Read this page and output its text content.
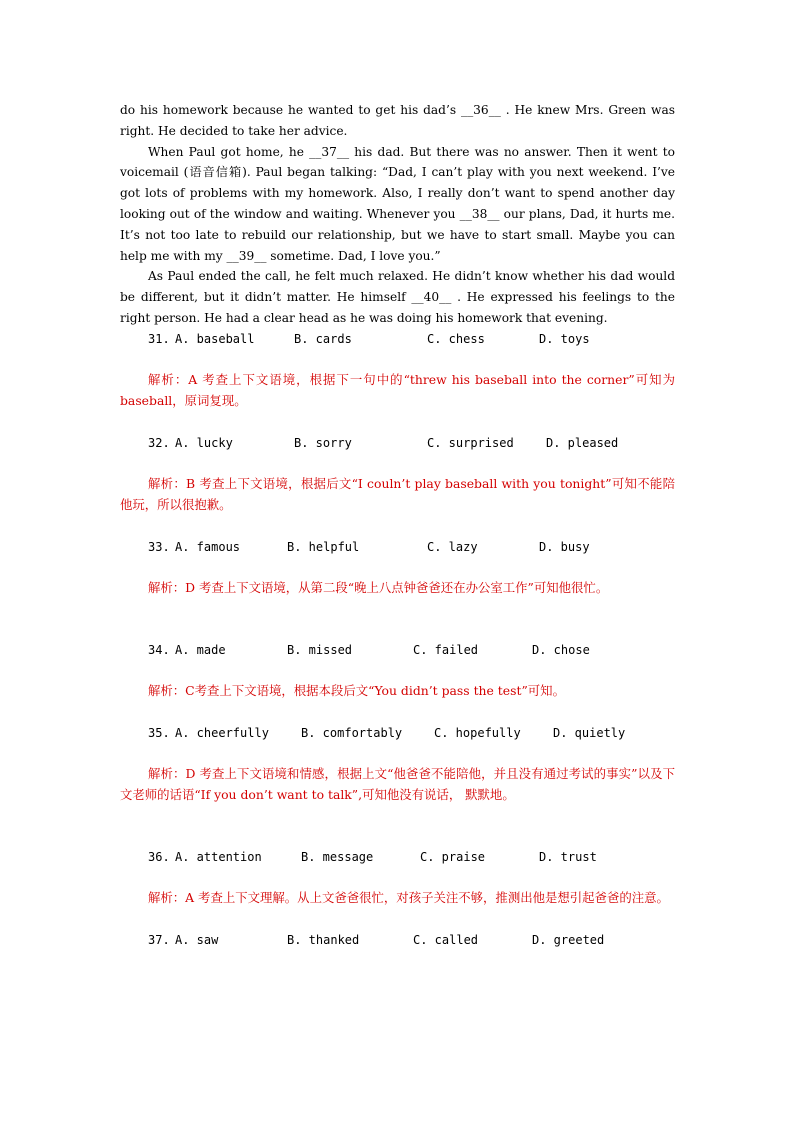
do his homework because he wanted to get his dad’s __36__ . He knew Mrs. Green was right. He decided to take her advice.

When Paul got home, he __37__ his dad. But there was no answer. Then it went to voicemail (语音信箱). Paul began talking: “Dad, I can’t play with you next weekend. I’ve got lots of problems with my homework. Also, I really don’t want to spend another day looking out of the window and waiting. Whenever you __38__ our plans, Dad, it hurts me. It’s not too late to rebuild our relationship, but we have to start small. Maybe you can help me with my __39__ sometime. Dad, I love you.”

As Paul ended the call, he felt much relaxed. He didn’t know whether his dad would be different, but it didn’t matter. He himself __40__ . He expressed his feelings to the right person. He had a clear head as he was doing his homework that evening.

31.

A. baseball

	B. cards

	C. chess

	D. toys

解析：A 考查上下文语境，根据下一句中的“threw his baseball into the corner”可知为baseball，原词复现。

32.

A. lucky

	B. sorry

	C. surprised

	D. pleased

解析：B 考查上下文语境，根据后文“I couln’t play baseball with you tonight”可知不能陪他玩，所以很抱歉。

33.

A. famous

	B. helpful

	C. lazy

	D. busy

解析：D 考查上下文语境，从第二段“晚上八点钟爸爸还在办公室工作”可知他很忙。

34.

A. made

	B. missed

	C. failed

	D. chose

解析：C考查上下文语境，根据本段后文“You didn’t pass the test”可知。

35.

A. cheerfully

	B. comfortably

	C. hopefully

	D. quietly

解析：D 考查上下文语境和情感，根据上文“他爸爸不能陪他，并且没有通过考试的事实”以及下文老师的话语“If you don’t want to talk”,可知他没有说话， 默默地。

36.

A. attention

	B. message

	C. praise

	D. trust

解析：A 考查上下文理解。从上文爸爸很忙，对孩子关注不够，推测出他是想引起爸爸的注意。

37.

A. saw

	B. thanked

	C. called

	D. greeted
